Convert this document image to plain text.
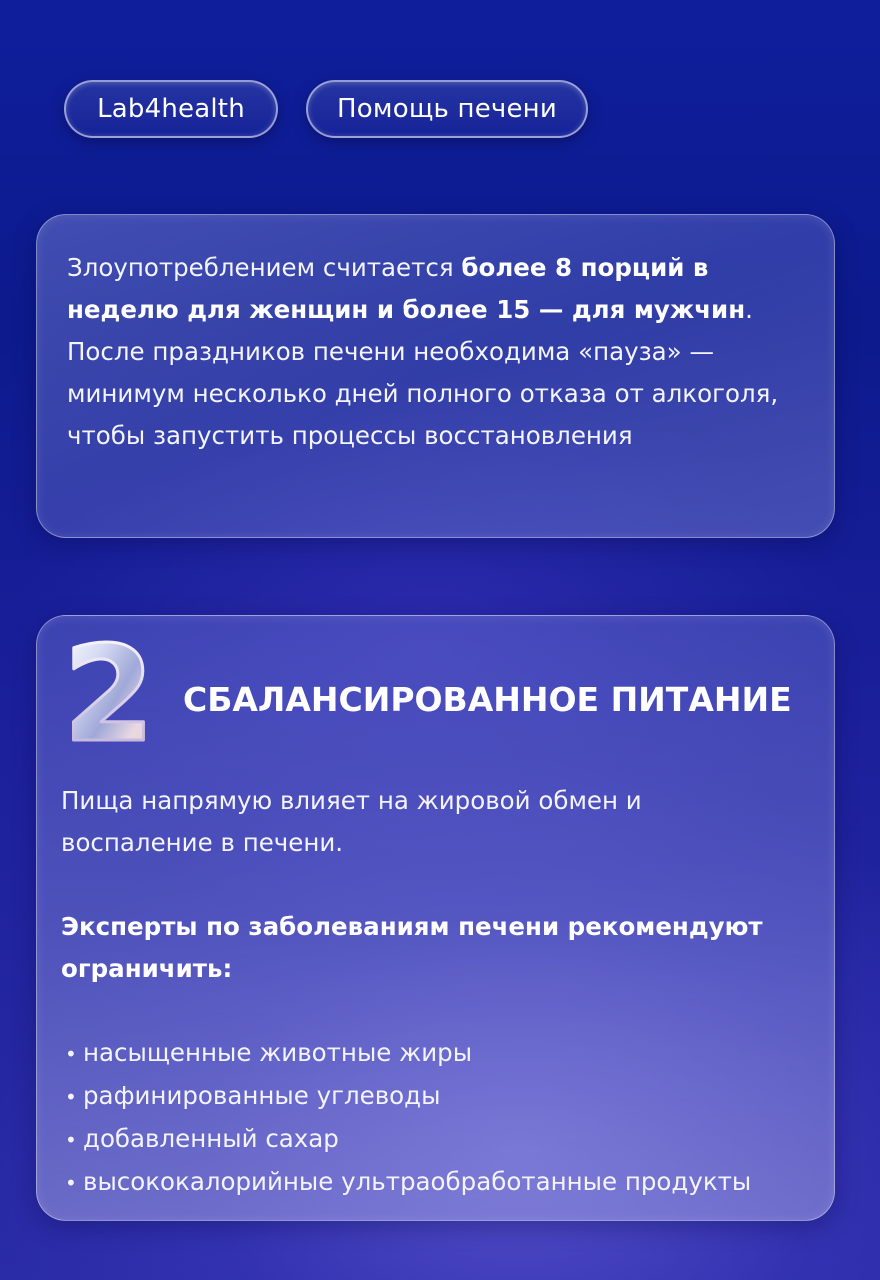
Lab4health	Помощь печени

Злоупотреблением считается более 8 порций в неделю для женщин и более 15 — для мужчин. После праздников печени необходима «пауза» — минимум несколько дней полного отказа от алкоголя, чтобы запустить процессы восстановления

2 СБАЛАНСИРОВАННОЕ ПИТАНИЕ

Пища напрямую влияет на жировой обмен и воспаление в печени.

Эксперты по заболеваниям печени рекомендуют ограничить:

• насыщенные животные жиры
• рафинированные углеводы
• добавленный сахар
• высококалорийные ультраобработанные продукты
